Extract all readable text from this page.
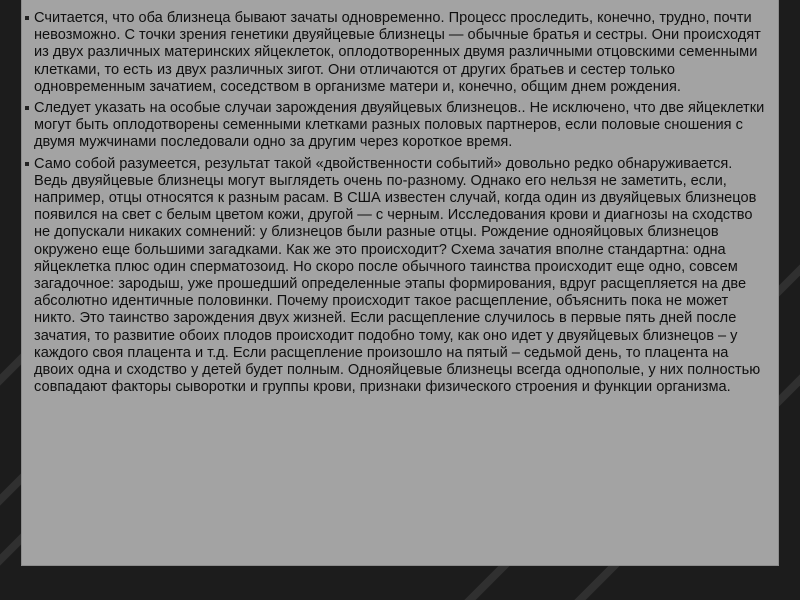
Считается, что оба близнеца бывают зачаты одновременно. Процесс проследить, конечно, трудно, почти невозможно. С точки зрения генетики двуяйцевые близнецы — обычные братья и сестры. Они происходят из двух различных материнских яйцеклеток, оплодотворенных двумя различными отцовскими семенными клетками, то есть из двух различных зигот. Они отличаются от других братьев и сестер только одновременным зачатием, соседством в организме матери и, конечно, общим днем рождения.

Следует указать на особые случаи зарождения двуяйцевых близнецов.. Не исключено, что две яйцеклетки могут быть оплодотворены семенными клетками разных половых партнеров, если половые сношения с двумя мужчинами последовали одно за другим через короткое время.

Само собой разумеется, результат такой «двойственности событий» довольно редко обнаруживается. Ведь двуяйцевые близнецы могут выглядеть очень по-разному. Однако его нельзя не заметить, если, например, отцы относятся к разным расам. В США известен случай, когда один из двуяйцевых близнецов появился на свет с белым цветом кожи, другой — с черным. Исследования крови и диагнозы на сходство не допускали никаких сомнений: у близнецов были разные отцы. Рождение однояйцовых близнецов окружено еще большими загадками. Как же это происходит? Схема зачатия вполне стандартна: одна яйцеклетка плюс один сперматозоид. Но скоро после обычного таинства происходит еще одно, совсем загадочное: зародыш, уже прошедший определенные этапы формирования, вдруг расщепляется на две абсолютно идентичные половинки. Почему происходит такое расщепление, объяснить пока не может никто. Это таинство зарождения двух жизней. Если расщепление случилось в первые пять дней после зачатия, то развитие обоих плодов происходит подобно тому, как оно идет у двуяйцевых близнецов – у каждого своя плацента и т.д. Если расщепление произошло на пятый – седьмой день, то плацента на двоих одна и сходство у детей будет полным. Однояйцевые близнецы всегда однополые, у них полностью совпадают факторы сыворотки и группы крови, признаки физического строения и функции организма.
